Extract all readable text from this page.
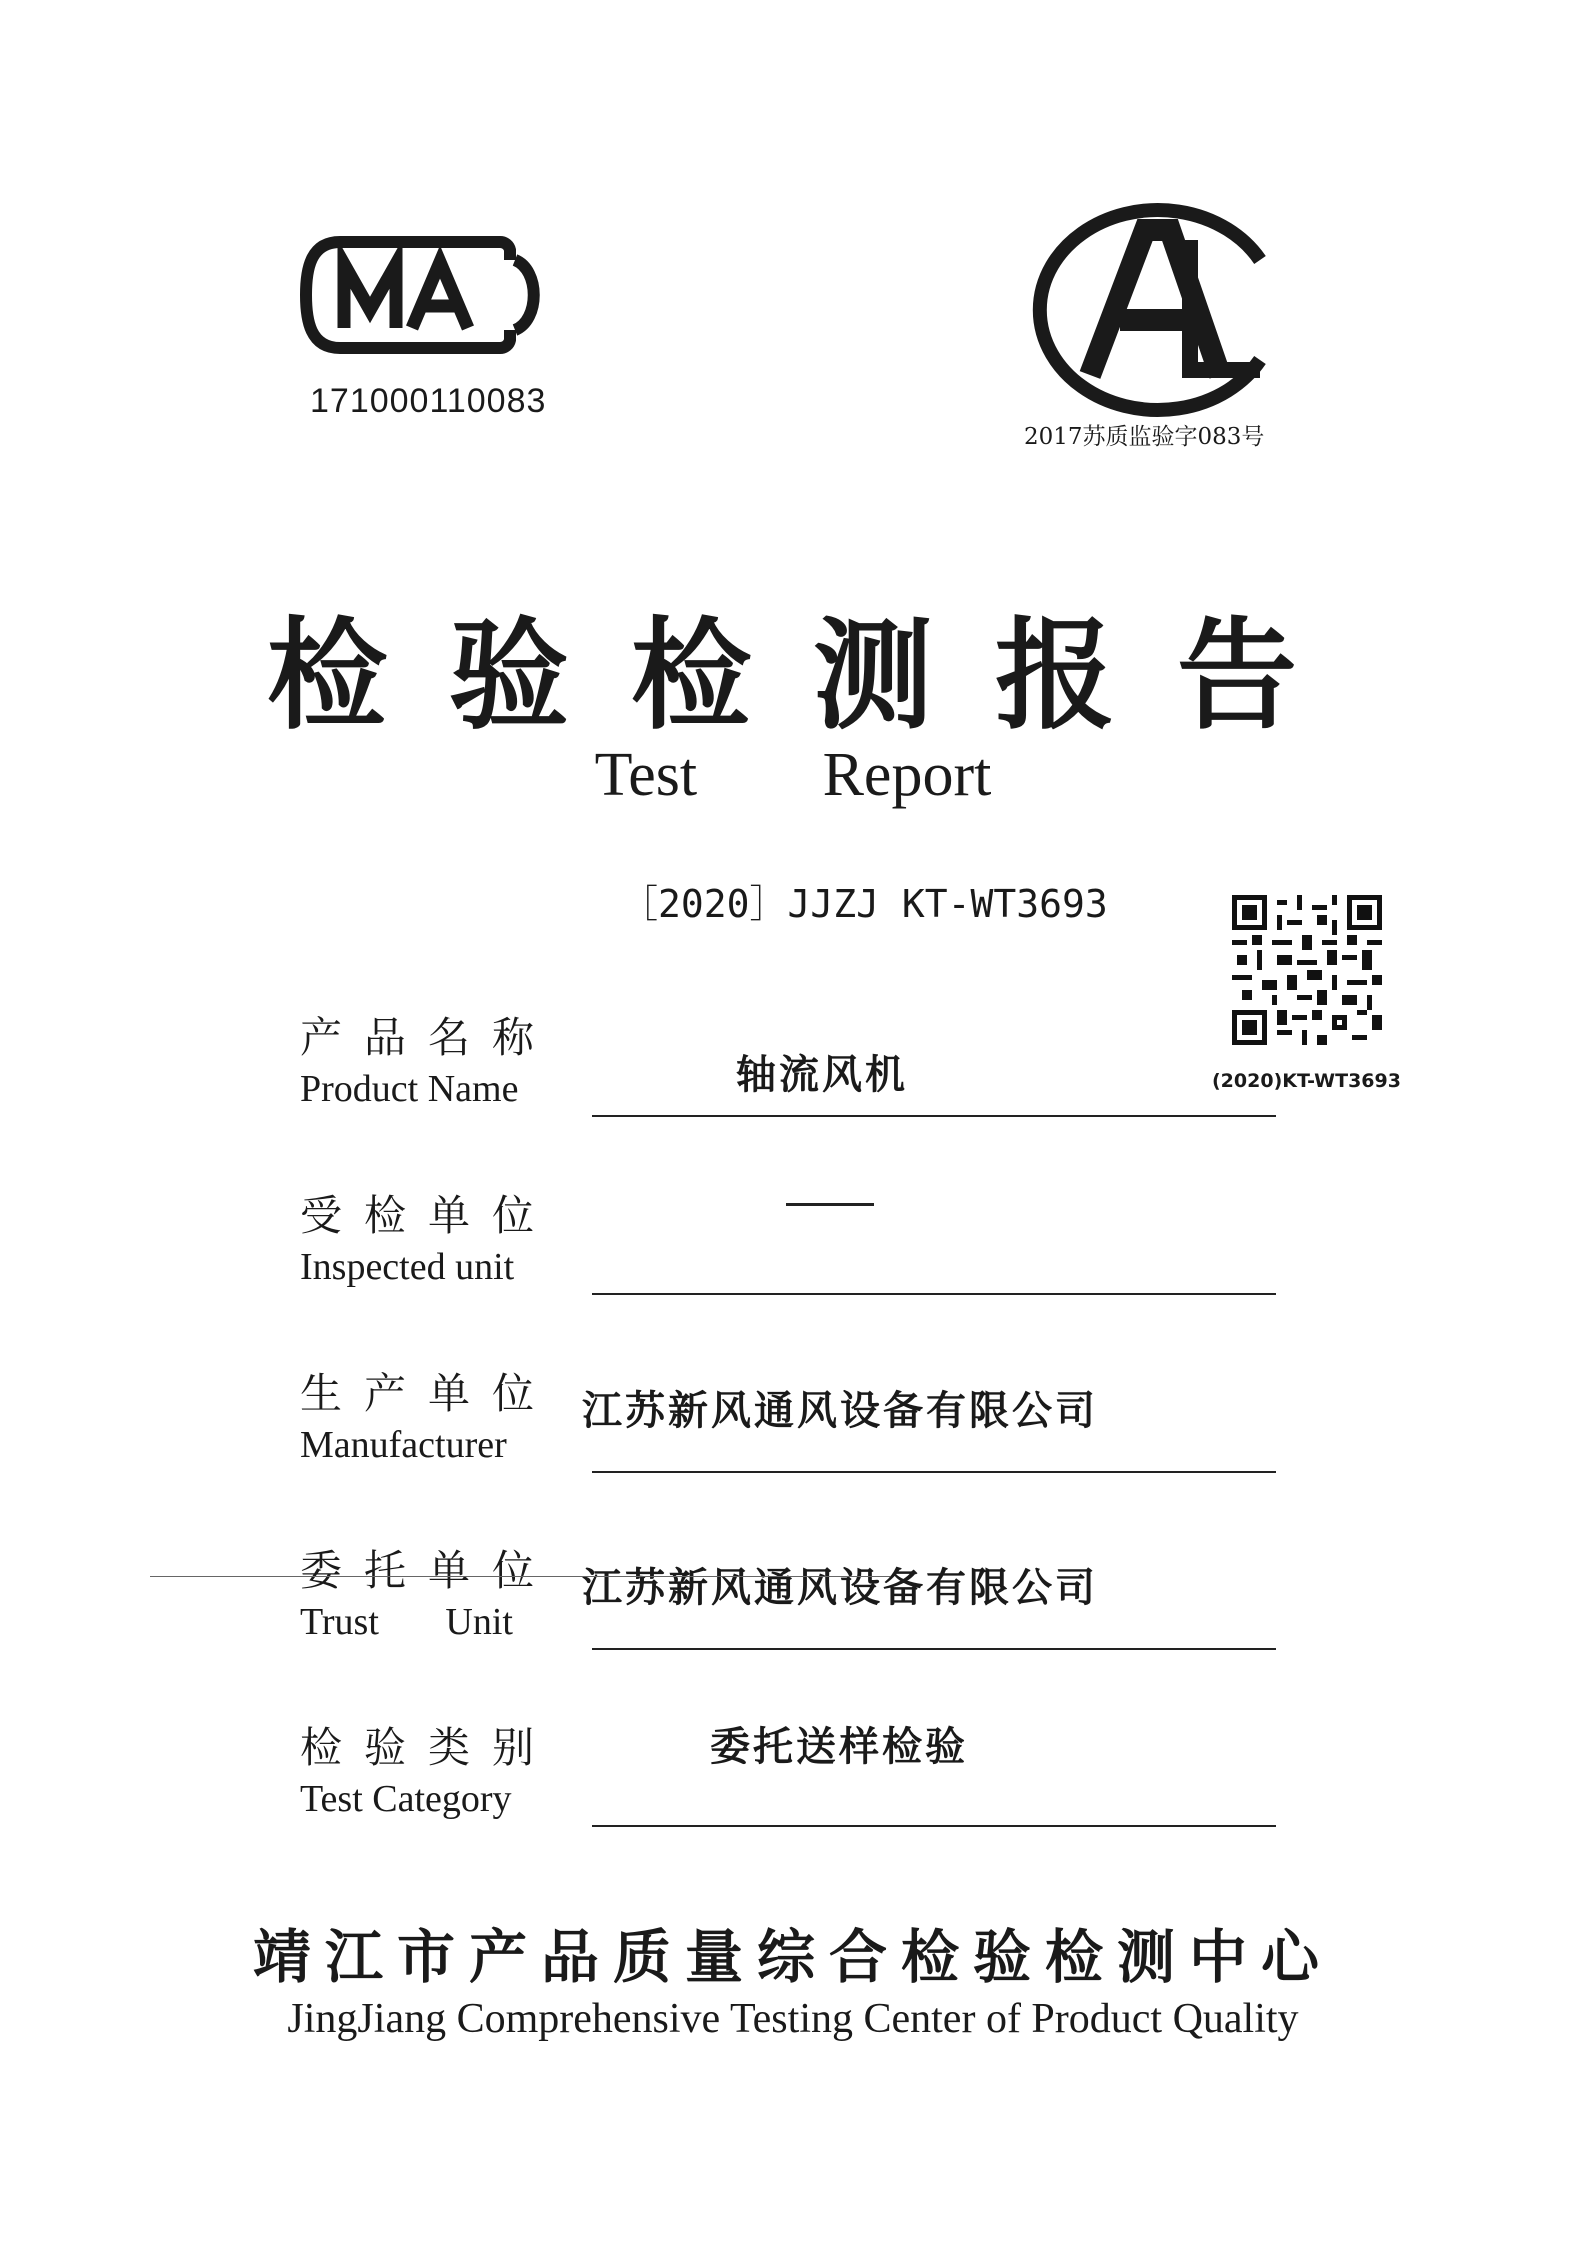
171000110083
2017苏质监验字083号
检验检测报告
Test Report
［2020］JJZJ KT-WT3693
(2020)KT-WT3693
产品名称
Product Name	轴流风机
受检单位
Inspected unit
生产单位
Manufacturer
江苏新风通风设备有限公司
委托单位
Trust       Unit
江苏新风通风设备有限公司
检验类别
Test Category
委托送样检验
靖江市产品质量综合检验检测中心
JingJiang Comprehensive Testing Center of Product Quality
